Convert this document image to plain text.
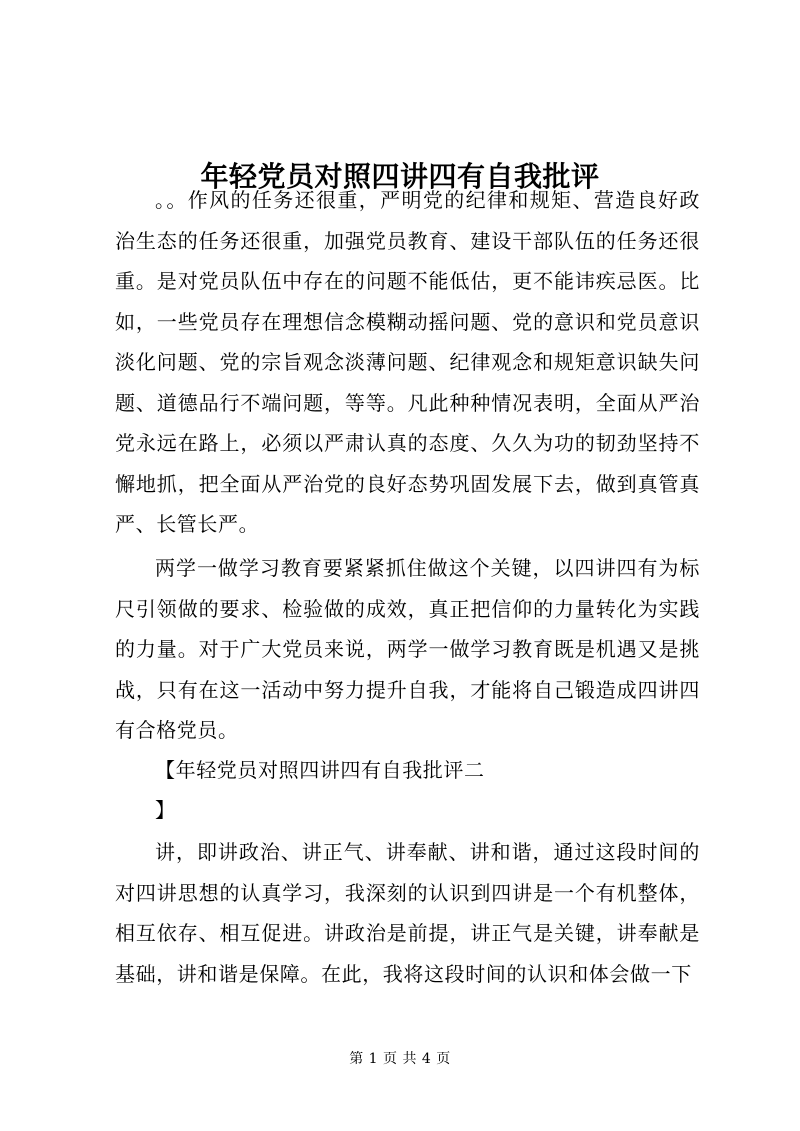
年轻党员对照四讲四有自我批评

。。作风的任务还很重，严明党的纪律和规矩、营造良好政治生态的任务还很重，加强党员教育、建设干部队伍的任务还很重。是对党员队伍中存在的问题不能低估，更不能讳疾忌医。比如，一些党员存在理想信念模糊动摇问题、党的意识和党员意识淡化问题、党的宗旨观念淡薄问题、纪律观念和规矩意识缺失问题、道德品行不端问题，等等。凡此种种情况表明，全面从严治党永远在路上，必须以严肃认真的态度、久久为功的韧劲坚持不懈地抓，把全面从严治党的良好态势巩固发展下去，做到真管真严、长管长严。

两学一做学习教育要紧紧抓住做这个关键，以四讲四有为标尺引领做的要求、检验做的成效，真正把信仰的力量转化为实践的力量。对于广大党员来说，两学一做学习教育既是机遇又是挑战，只有在这一活动中努力提升自我，才能将自己锻造成四讲四有合格党员。

【年轻党员对照四讲四有自我批评二

】

讲，即讲政治、讲正气、讲奉献、讲和谐，通过这段时间的对四讲思想的认真学习，我深刻的认识到四讲是一个有机整体，相互依存、相互促进。讲政治是前提，讲正气是关键，讲奉献是基础，讲和谐是保障。在此，我将这段时间的认识和体会做一下

第 1 页 共 4 页
